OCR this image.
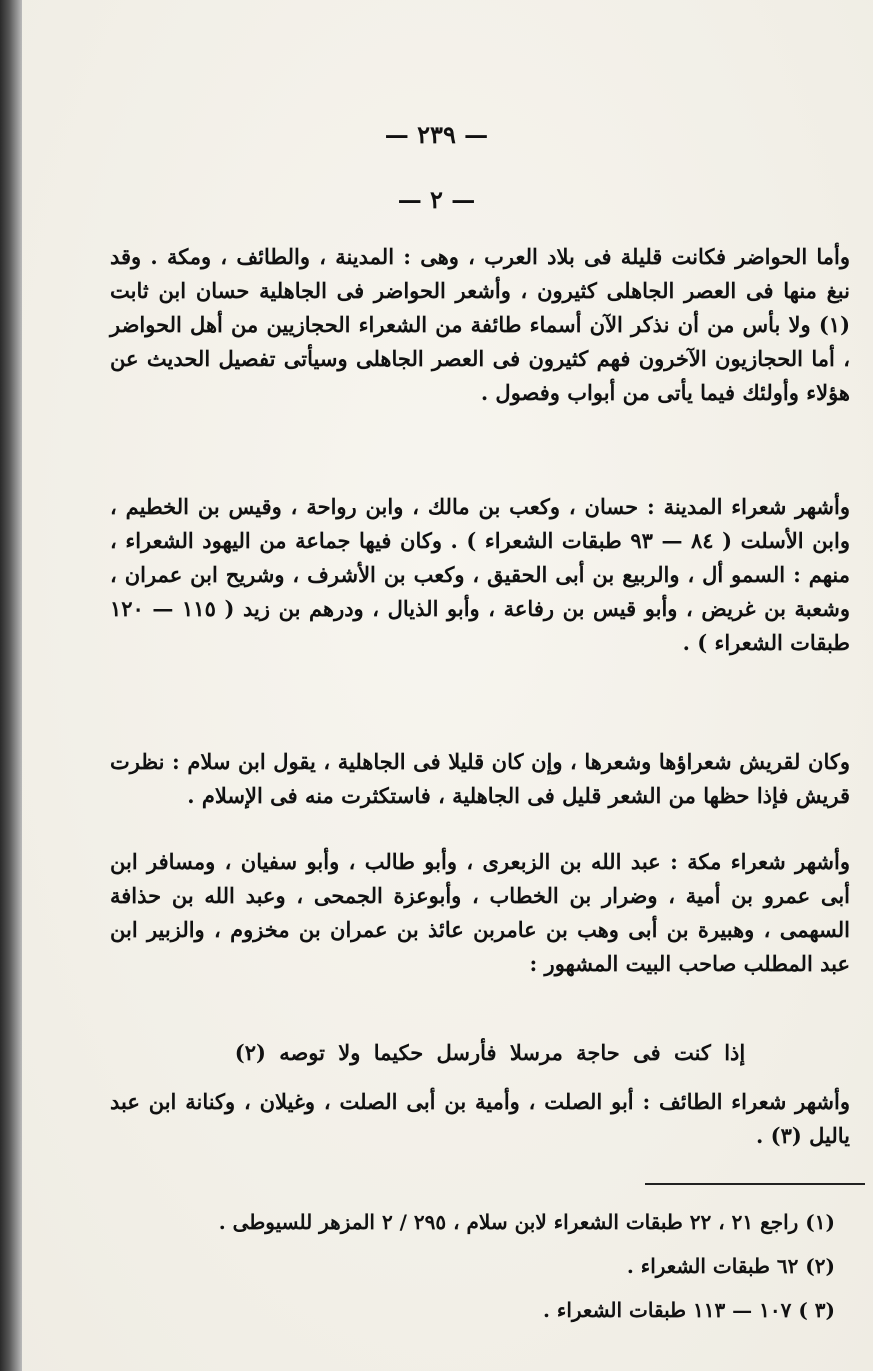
— ٢٣٩ —
— ٢ —

وأما الحواضر فكانت قليلة فى بلاد العرب ، وهى : المدينة ، والطائف ، ومكة . وقد نبغ منها فى العصر الجاهلى كثيرون ، وأشعر الحواضر فى الجاهلية حسان ابن ثابت (١) ولا بأس من أن نذكر الآن أسماء طائفة من الشعراء الحجازيين من أهل الحواضر ، أما الحجازيون الآخرون فهم كثيرون فى العصر الجاهلى وسيأتى تفصيل الحديث عن هؤلاء وأولئك فيما يأتى من أبواب وفصول .

وأشهر شعراء المدينة : حسان ، وكعب بن مالك ، وابن رواحة ، وقيس بن الخطيم ، وابن الأسلت ( ٨٤ — ٩٣ طبقات الشعراء ) . وكان فيها جماعة من اليهود الشعراء ، منهم : السمو أل ، والربيع بن أبى الحقيق ، وكعب بن الأشرف ، وشريح ابن عمران ، وشعبة بن غريض ، وأبو قيس بن رفاعة ، وأبو الذيال ، ودرهم بن زيد ( ١١٥ — ١٢٠ طبقات الشعراء ) .

وكان لقريش شعراؤها وشعرها ، وإن كان قليلا فى الجاهلية ، يقول ابن سلام : نظرت قريش فإذا حظها من الشعر قليل فى الجاهلية ، فاستكثرت منه فى الإسلام .

وأشهر شعراء مكة : عبد الله بن الزبعرى ، وأبو طالب ، وأبو سفيان ، ومسافر ابن أبى عمرو بن أمية ، وضرار بن الخطاب ، وأبوعزة الجمحى ، وعبد الله بن حذافة السهمى ، وهبيرة بن أبى وهب بن عامربن عائذ بن عمران بن مخزوم ، والزبير ابن عبد المطلب صاحب البيت المشهور :

إذا كنت فى حاجة مرسلا فأرسل حكيما ولا توصه (٢)

وأشهر شعراء الطائف : أبو الصلت ، وأمية بن أبى الصلت ، وغيلان ، وكنانة ابن عبد ياليل (٣) .

(١) راجع ٢١ ، ٢٢ طبقات الشعراء لابن سلام ، ٢٩٥ / ٢ المزهر للسيوطى .

(٢) ٦٢ طبقات الشعراء .

(٣ ) ١٠٧ — ١١٣ طبقات الشعراء .
